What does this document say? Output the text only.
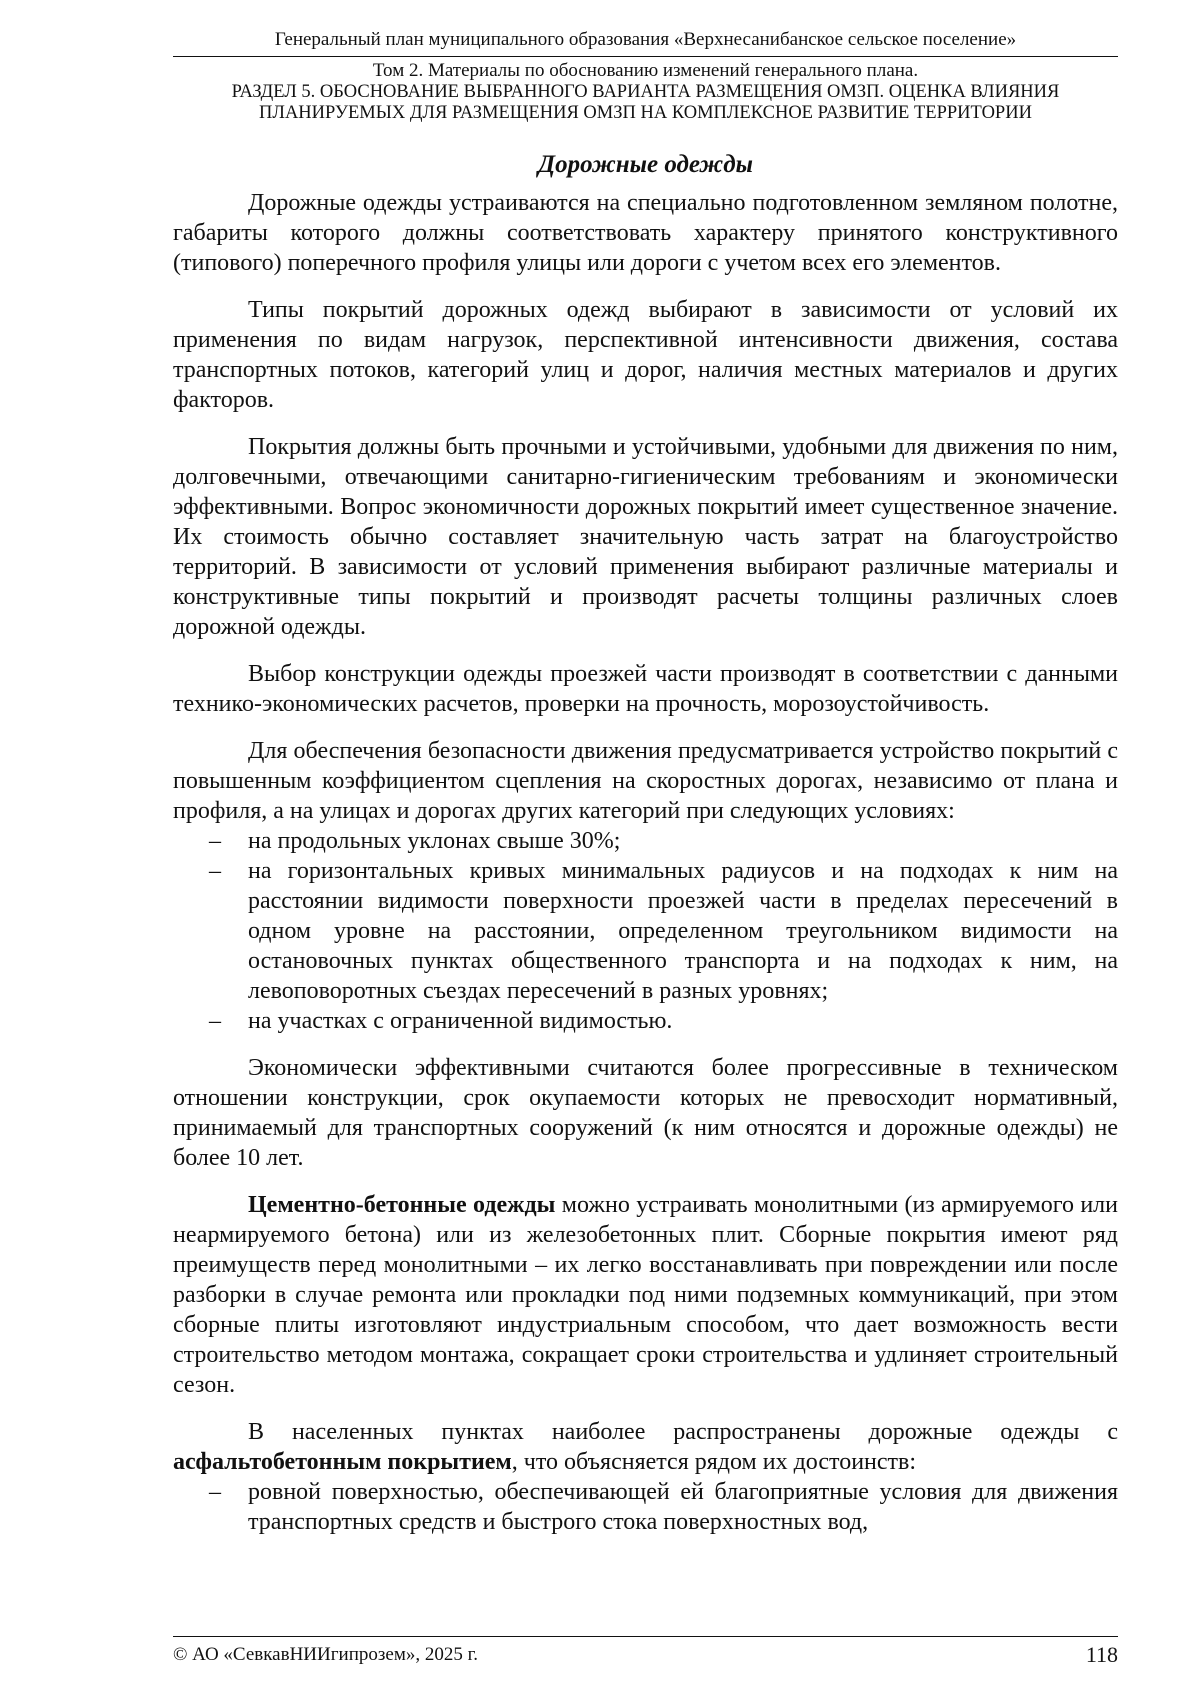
Генеральный план муниципального образования «Верхнесанибанское сельское поселение»
Том 2. Материалы по обоснованию изменений генерального плана.
РАЗДЕЛ 5. ОБОСНОВАНИЕ ВЫБРАННОГО ВАРИАНТА РАЗМЕЩЕНИЯ ОМЗП. ОЦЕНКА ВЛИЯНИЯ
ПЛАНИРУЕМЫХ ДЛЯ РАЗМЕЩЕНИЯ ОМЗП НА КОМПЛЕКСНОЕ РАЗВИТИЕ ТЕРРИТОРИИ
Дорожные одежды

Дорожные одежды устраиваются на специально подготовленном земляном полотне, габариты которого должны соответствовать характеру принятого конструктивного (типового) поперечного профиля улицы или дороги с учетом всех его элементов.

Типы покрытий дорожных одежд выбирают в зависимости от условий их применения по видам нагрузок, перспективной интенсивности движения, состава транспортных потоков, категорий улиц и дорог, наличия местных материалов и других факторов.

Покрытия должны быть прочными и устойчивыми, удобными для движения по ним, долговечными, отвечающими санитарно-гигиеническим требованиям и экономически эффективными. Вопрос экономичности дорожных покрытий имеет существенное значение. Их стоимость обычно составляет значительную часть затрат на благоустройство территорий. В зависимости от условий применения выбирают различные материалы и конструктивные типы покрытий и производят расчеты толщины различных слоев дорожной одежды.

Выбор конструкции одежды проезжей части производят в соответствии с данными технико-экономических расчетов, проверки на прочность, морозоустойчивость.

Для обеспечения безопасности движения предусматривается устройство покрытий с повышенным коэффициентом сцепления на скоростных дорогах, независимо от плана и профиля, а на улицах и дорогах других категорий при следующих условиях:

– на продольных уклонах свыше 30%;
– на горизонтальных кривых минимальных радиусов и на подходах к ним на расстоянии видимости поверхности проезжей части в пределах пересечений в одном уровне на расстоянии, определенном треугольником видимости на остановочных пунктах общественного транспорта и на подходах к ним, на левоповоротных съездах пересечений в разных уровнях;
– на участках с ограниченной видимостью.

Экономически эффективными считаются более прогрессивные в техническом отношении конструкции, срок окупаемости которых не превосходит нормативный, принимаемый для транспортных сооружений (к ним относятся и дорожные одежды) не более 10 лет.

Цементно-бетонные одежды можно устраивать монолитными (из армируемого или неармируемого бетона) или из железобетонных плит. Сборные покрытия имеют ряд преимуществ перед монолитными – их легко восстанавливать при повреждении или после разборки в случае ремонта или прокладки под ними подземных коммуникаций, при этом сборные плиты изготовляют индустриальным способом, что дает возможность вести строительство методом монтажа, сокращает сроки строительства и удлиняет строительный сезон.

В населенных пунктах наиболее распространены дорожные одежды с асфальтобетонным покрытием, что объясняется рядом их достоинств:

– ровной поверхностью, обеспечивающей ей благоприятные условия для движения транспортных средств и быстрого стока поверхностных вод,
© АО «СевкавНИИгипрозем», 2025 г.	118
